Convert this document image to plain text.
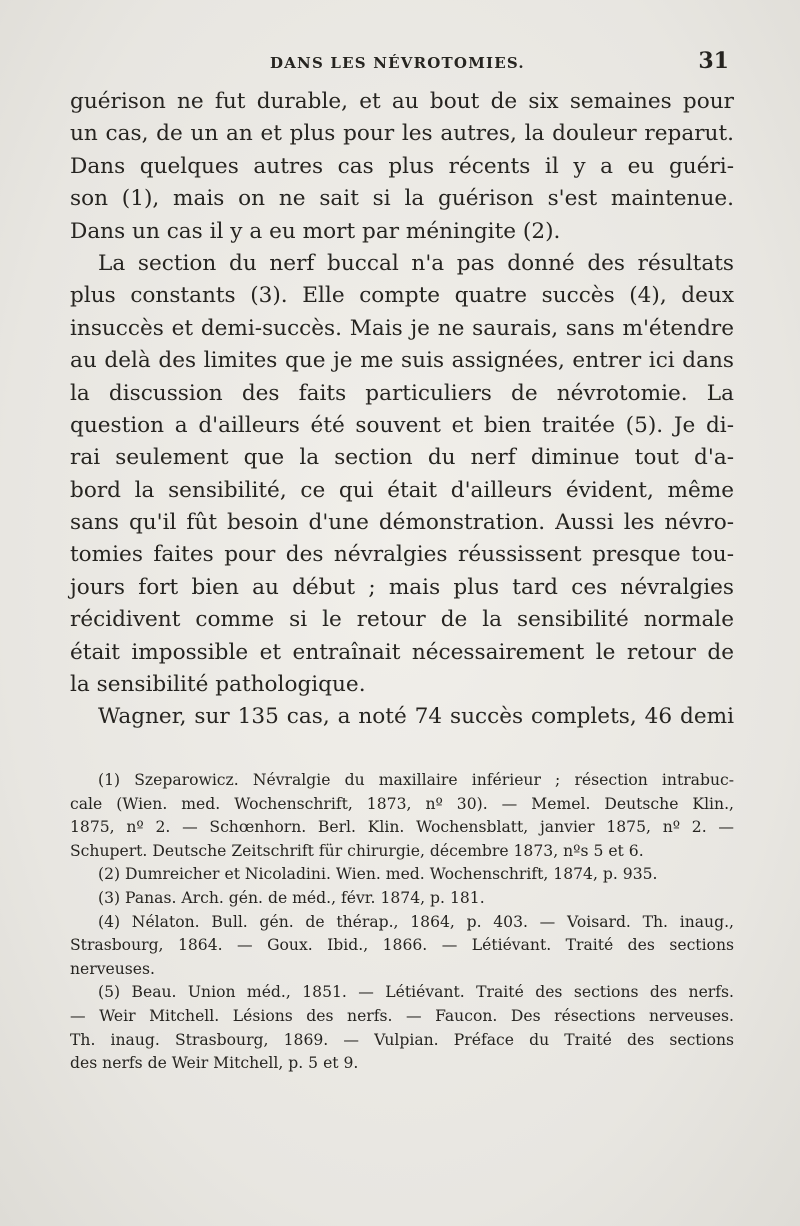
DANS LES NÉVROTOMIES.	31
guérison ne fut durable, et au bout de six semaines pour
un cas, de un an et plus pour les autres, la douleur reparut.
Dans quelques autres cas plus récents il y a eu guéri-
son (1), mais on ne sait si la guérison s'est maintenue.
Dans un cas il y a eu mort par méningite (2).
La section du nerf buccal n'a pas donné des résultats
plus constants (3). Elle compte quatre succès (4), deux
insuccès et demi-succès. Mais je ne saurais, sans m'étendre
au delà des limites que je me suis assignées, entrer ici dans
la discussion des faits particuliers de névrotomie. La
question a d'ailleurs été souvent et bien traitée (5). Je di-
rai seulement que la section du nerf diminue tout d'a-
bord la sensibilité, ce qui était d'ailleurs évident, même
sans qu'il fût besoin d'une démonstration. Aussi les névro-
tomies faites pour des névralgies réussissent presque tou-
jours fort bien au début ; mais plus tard ces névralgies
récidivent comme si le retour de la sensibilité normale
était impossible et entraînait nécessairement le retour de
la sensibilité pathologique.
Wagner, sur 135 cas, a noté 74 succès complets, 46 demi
(1) Szeparowicz. Névralgie du maxillaire inférieur ; résection intrabuc-
cale (Wien. med. Wochenschrift, 1873, nº 30). — Memel. Deutsche Klin.,
1875, nº 2. — Schœnhorn. Berl. Klin. Wochensblatt, janvier 1875, nº 2. —
Schupert. Deutsche Zeitschrift für chirurgie, décembre 1873, nºs 5 et 6.
(2) Dumreicher et Nicoladini. Wien. med. Wochenschrift, 1874, p. 935.
(3) Panas. Arch. gén. de méd., févr. 1874, p. 181.
(4) Nélaton. Bull. gén. de thérap., 1864, p. 403. — Voisard. Th. inaug.,
Strasbourg, 1864. — Goux. Ibid., 1866. — Létiévant. Traité des sections
nerveuses.
(5) Beau. Union méd., 1851. — Létiévant. Traité des sections des nerfs.
— Weir Mitchell. Lésions des nerfs. — Faucon. Des résections nerveuses.
Th. inaug. Strasbourg, 1869. — Vulpian. Préface du Traité des sections
des nerfs de Weir Mitchell, p. 5 et 9.
